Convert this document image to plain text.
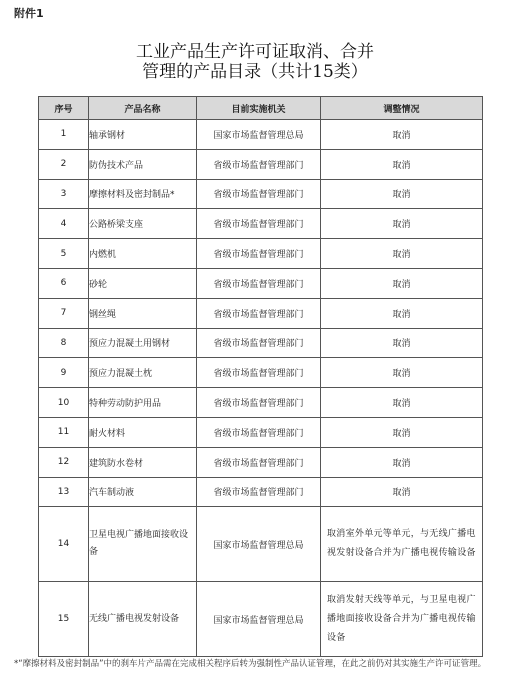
附件1
工业产品生产许可证取消、合并
管理的产品目录（共计15类）
序号	产品名称	目前实施机关	调整情况
1	轴承钢材	国家市场监督管理总局	取消
2	防伪技术产品	省级市场监督管理部门	取消
3	摩擦材料及密封制品*	省级市场监督管理部门	取消
4	公路桥梁支座	省级市场监督管理部门	取消
5	内燃机	省级市场监督管理部门	取消
6	砂轮	省级市场监督管理部门	取消
7	钢丝绳	省级市场监督管理部门	取消
8	预应力混凝土用钢材	省级市场监督管理部门	取消
9	预应力混凝土枕	省级市场监督管理部门	取消
10	特种劳动防护用品	省级市场监督管理部门	取消
11	耐火材料	省级市场监督管理部门	取消
12	建筑防水卷材	省级市场监督管理部门	取消
13	汽车制动液	省级市场监督管理部门	取消
14	卫星电视广播地面接收设备	国家市场监督管理总局	取消室外单元等单元，与无线广播电视发射设备合并为广播电视传输设备
15	无线广播电视发射设备	国家市场监督管理总局	取消发射天线等单元，与卫星电视广播地面接收设备合并为广播电视传输设备
*“摩擦材料及密封制品”中的刹车片产品需在完成相关程序后转为强制性产品认证管理，在此之前仍对其实施生产许可证管理。
